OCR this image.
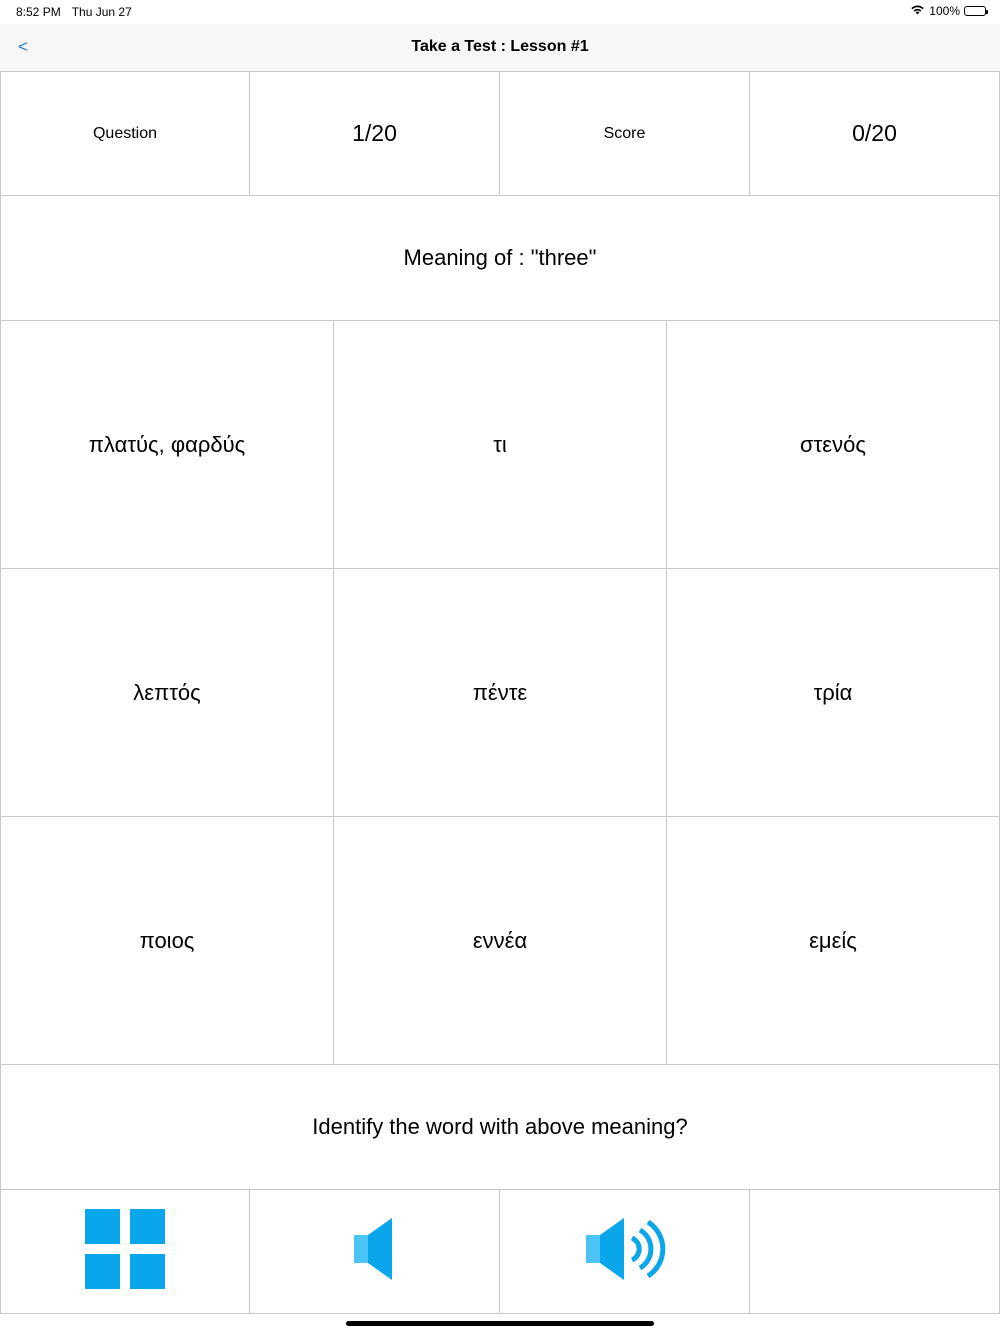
8:52 PM Thu Jun 27	100%
<	Take a Test : Lesson #1
Question	1/20	Score	0/20
Meaning of : "three"
πλατύς, φαρδύς	τι	στενός
λεπτός	πέντε	τρία
ποιος	εννέα	εμείς
Identify the word with above meaning?
